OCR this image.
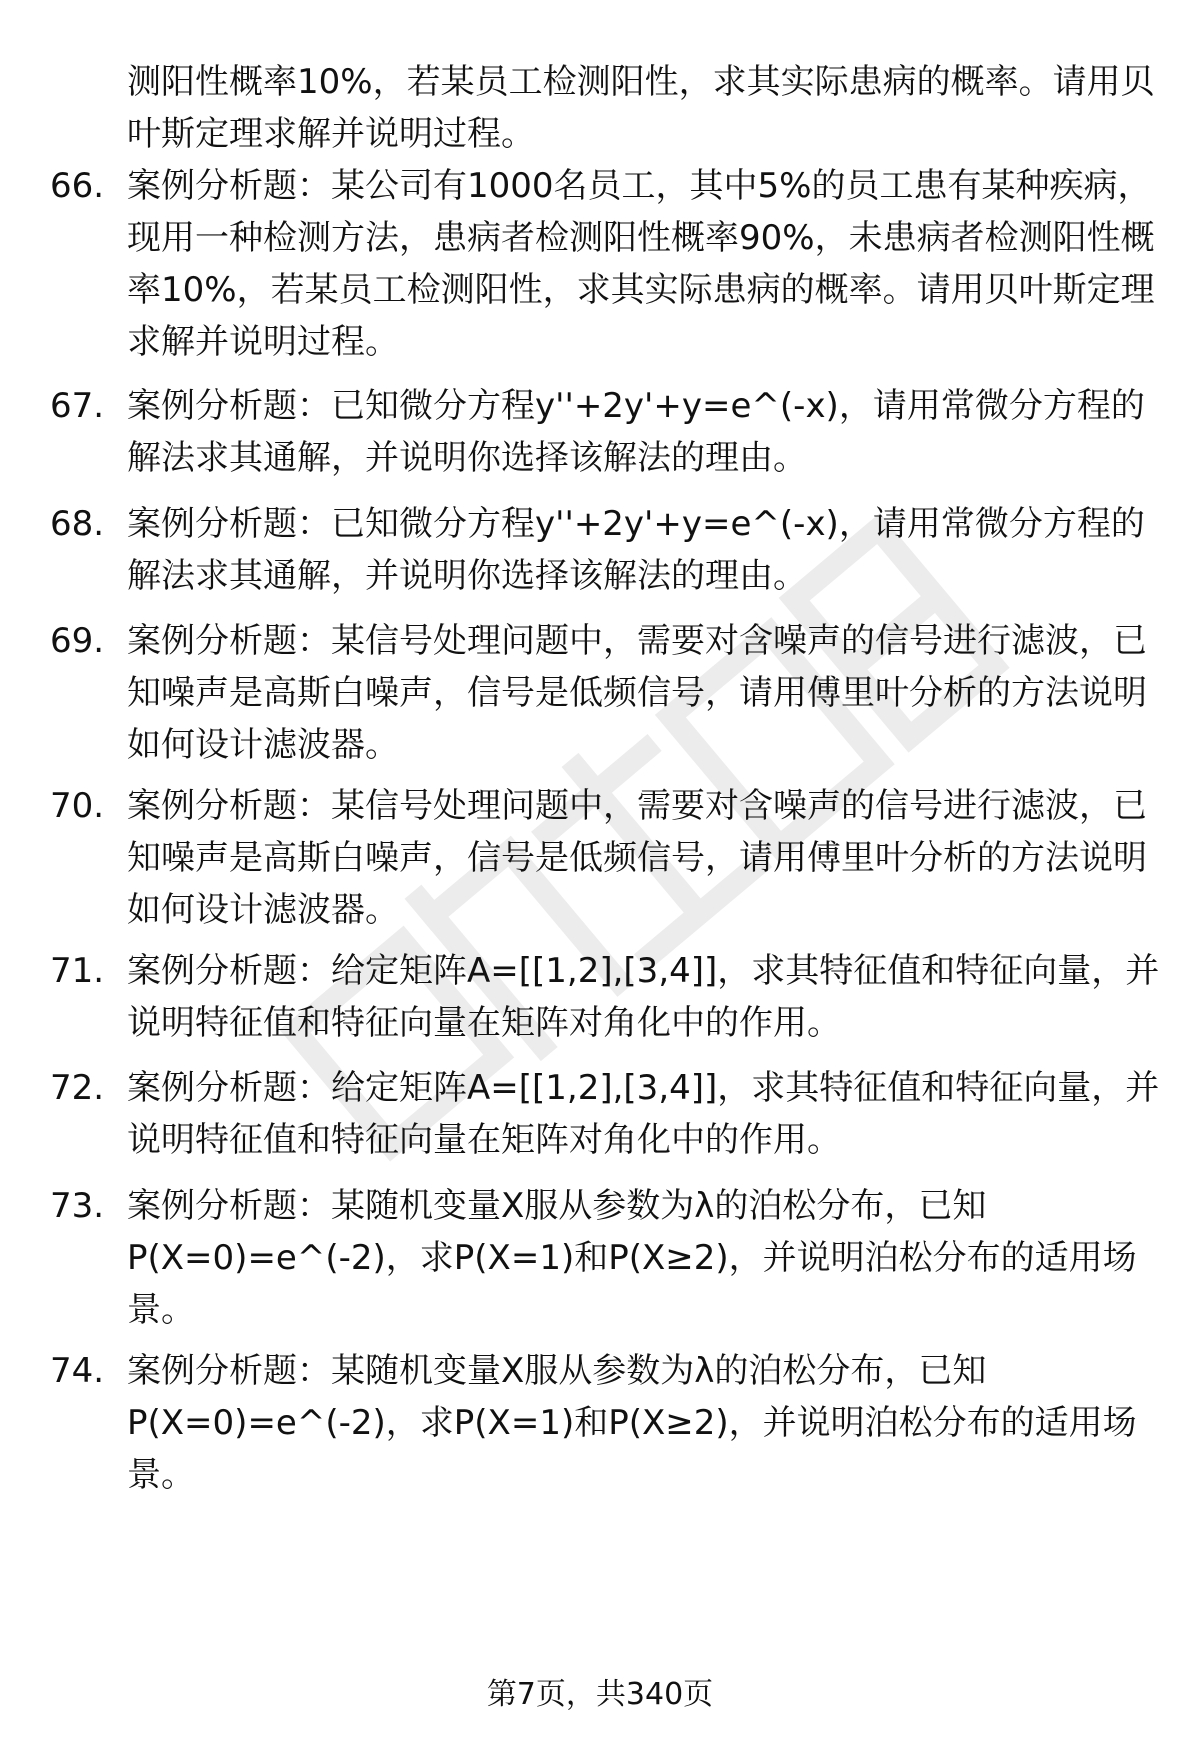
测阳性概率10%，若某员工检测阳性，求其实际患病的概率。请用贝叶斯定理求解并说明过程。

66. 案例分析题：某公司有1000名员工，其中5%的员工患有某种疾病，现用一种检测方法，患病者检测阳性概率90%，未患病者检测阳性概率10%，若某员工检测阳性，求其实际患病的概率。请用贝叶斯定理求解并说明过程。

67. 案例分析题：已知微分方程y''+2y'+y=e^(-x)，请用常微分方程的解法求其通解，并说明你选择该解法的理由。

68. 案例分析题：已知微分方程y''+2y'+y=e^(-x)，请用常微分方程的解法求其通解，并说明你选择该解法的理由。

69. 案例分析题：某信号处理问题中，需要对含噪声的信号进行滤波，已知噪声是高斯白噪声，信号是低频信号，请用傅里叶分析的方法说明如何设计滤波器。

70. 案例分析题：某信号处理问题中，需要对含噪声的信号进行滤波，已知噪声是高斯白噪声，信号是低频信号，请用傅里叶分析的方法说明如何设计滤波器。

71. 案例分析题：给定矩阵A=[[1,2],[3,4]]，求其特征值和特征向量，并说明特征值和特征向量在矩阵对角化中的作用。

72. 案例分析题：给定矩阵A=[[1,2],[3,4]]，求其特征值和特征向量，并说明特征值和特征向量在矩阵对角化中的作用。

73. 案例分析题：某随机变量X服从参数为λ的泊松分布，已知P(X=0)=e^(-2)，求P(X=1)和P(X≥2)，并说明泊松分布的适用场景。

74. 案例分析题：某随机变量X服从参数为λ的泊松分布，已知P(X=0)=e^(-2)，求P(X=1)和P(X≥2)，并说明泊松分布的适用场景。

第7页，共340页
